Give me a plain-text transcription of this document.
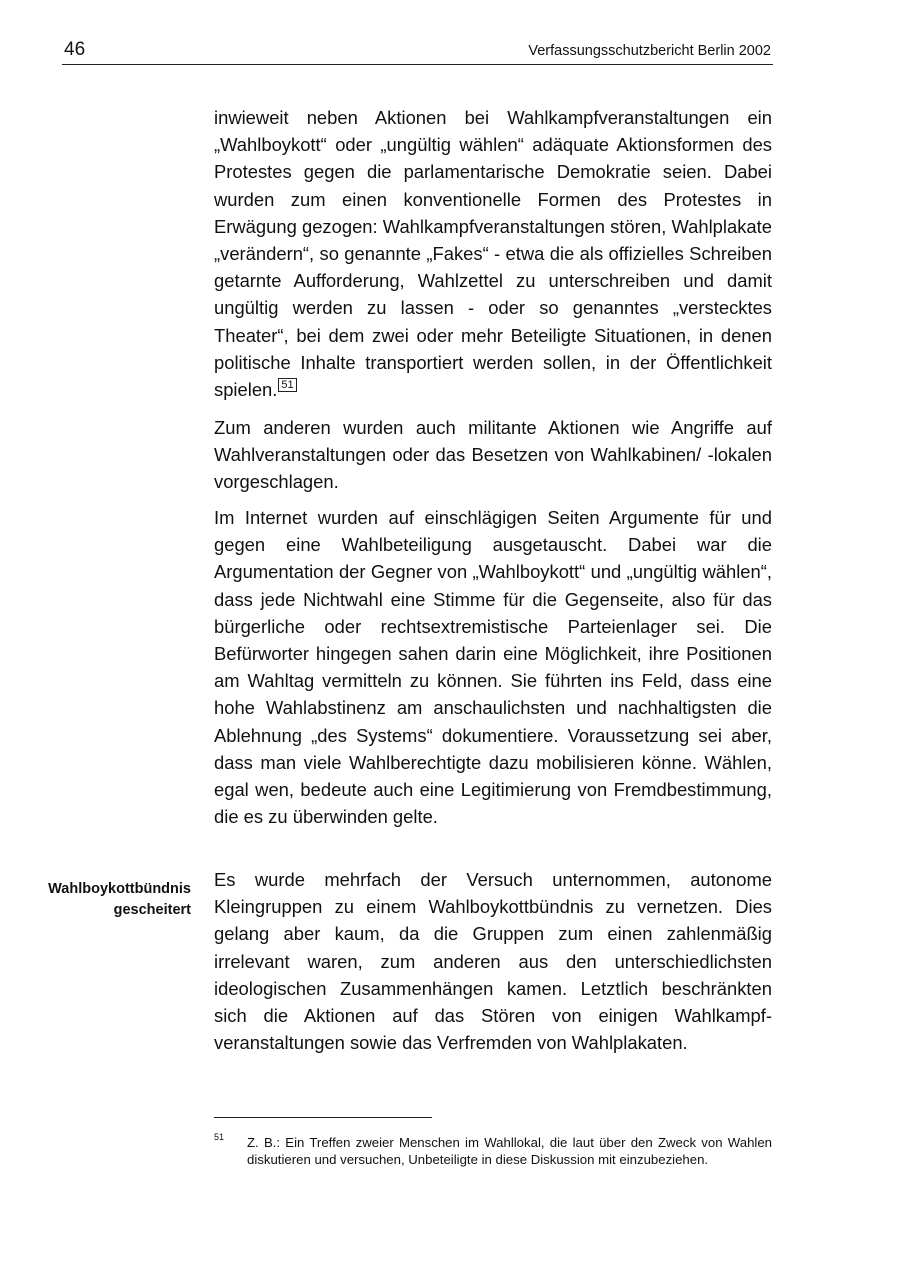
46	Verfassungsschutzbericht Berlin 2002

inwieweit neben Aktionen bei Wahlkampfveranstaltungen ein „Wahlboykott“ oder „ungültig wählen“ adäquate Aktionsformen des Protestes gegen die parlamentarische Demokratie seien. Dabei wurden zum einen konventionelle Formen des Protestes in Erwägung gezogen: Wahlkampfveranstaltungen stören, Wahlplakate „verändern“, so genannte „Fakes“ - etwa die als offizielles Schreiben getarnte Aufforderung, Wahlzettel zu unterschreiben und damit ungültig werden zu lassen - oder so genanntes „verstecktes Theater“, bei dem zwei oder mehr Beteiligte Situationen, in denen politische Inhalte transportiert werden sollen, in der Öffentlichkeit spielen. 51

Zum anderen wurden auch militante Aktionen wie Angriffe auf Wahlveranstaltungen oder das Besetzen von Wahlkabinen/ -lokalen vorgeschlagen.

Im Internet wurden auf einschlägigen Seiten Argumente für und gegen eine Wahlbeteiligung ausgetauscht. Dabei war die Argumentation der Gegner von „Wahlboykott“ und „ungültig wählen“, dass jede Nichtwahl eine Stimme für die Gegenseite, also für das bürgerliche oder rechtsextremistische Parteienlager sei. Die Befürworter hingegen sahen darin eine Möglichkeit, ihre Positionen am Wahltag vermitteln zu können. Sie führten ins Feld, dass eine hohe Wahlabstinenz am anschaulichsten und nachhaltigsten die Ablehnung „des Systems“ dokumentiere. Voraussetzung sei aber, dass man viele Wahlberechtigte dazu mobilisieren könne. Wählen, egal wen, bedeute auch eine Legitimierung von Fremdbestimmung, die es zu überwinden gelte.

Wahlboykottbündnis
gescheitert

Es wurde mehrfach der Versuch unternommen, autonome Kleingruppen zu einem Wahlboykottbündnis zu vernetzen. Dies gelang aber kaum, da die Gruppen zum einen zahlenmäßig irrelevant waren, zum anderen aus den unterschiedlichsten ideologischen Zusammenhängen kamen. Letztlich beschränkten sich die Aktionen auf das Stören von einigen Wahlkampfveranstaltungen sowie das Verfremden von Wahlplakaten.

51 Z. B.: Ein Treffen zweier Menschen im Wahllokal, die laut über den Zweck von Wahlen diskutieren und versuchen, Unbeteiligte in diese Diskussion mit einzubeziehen.
